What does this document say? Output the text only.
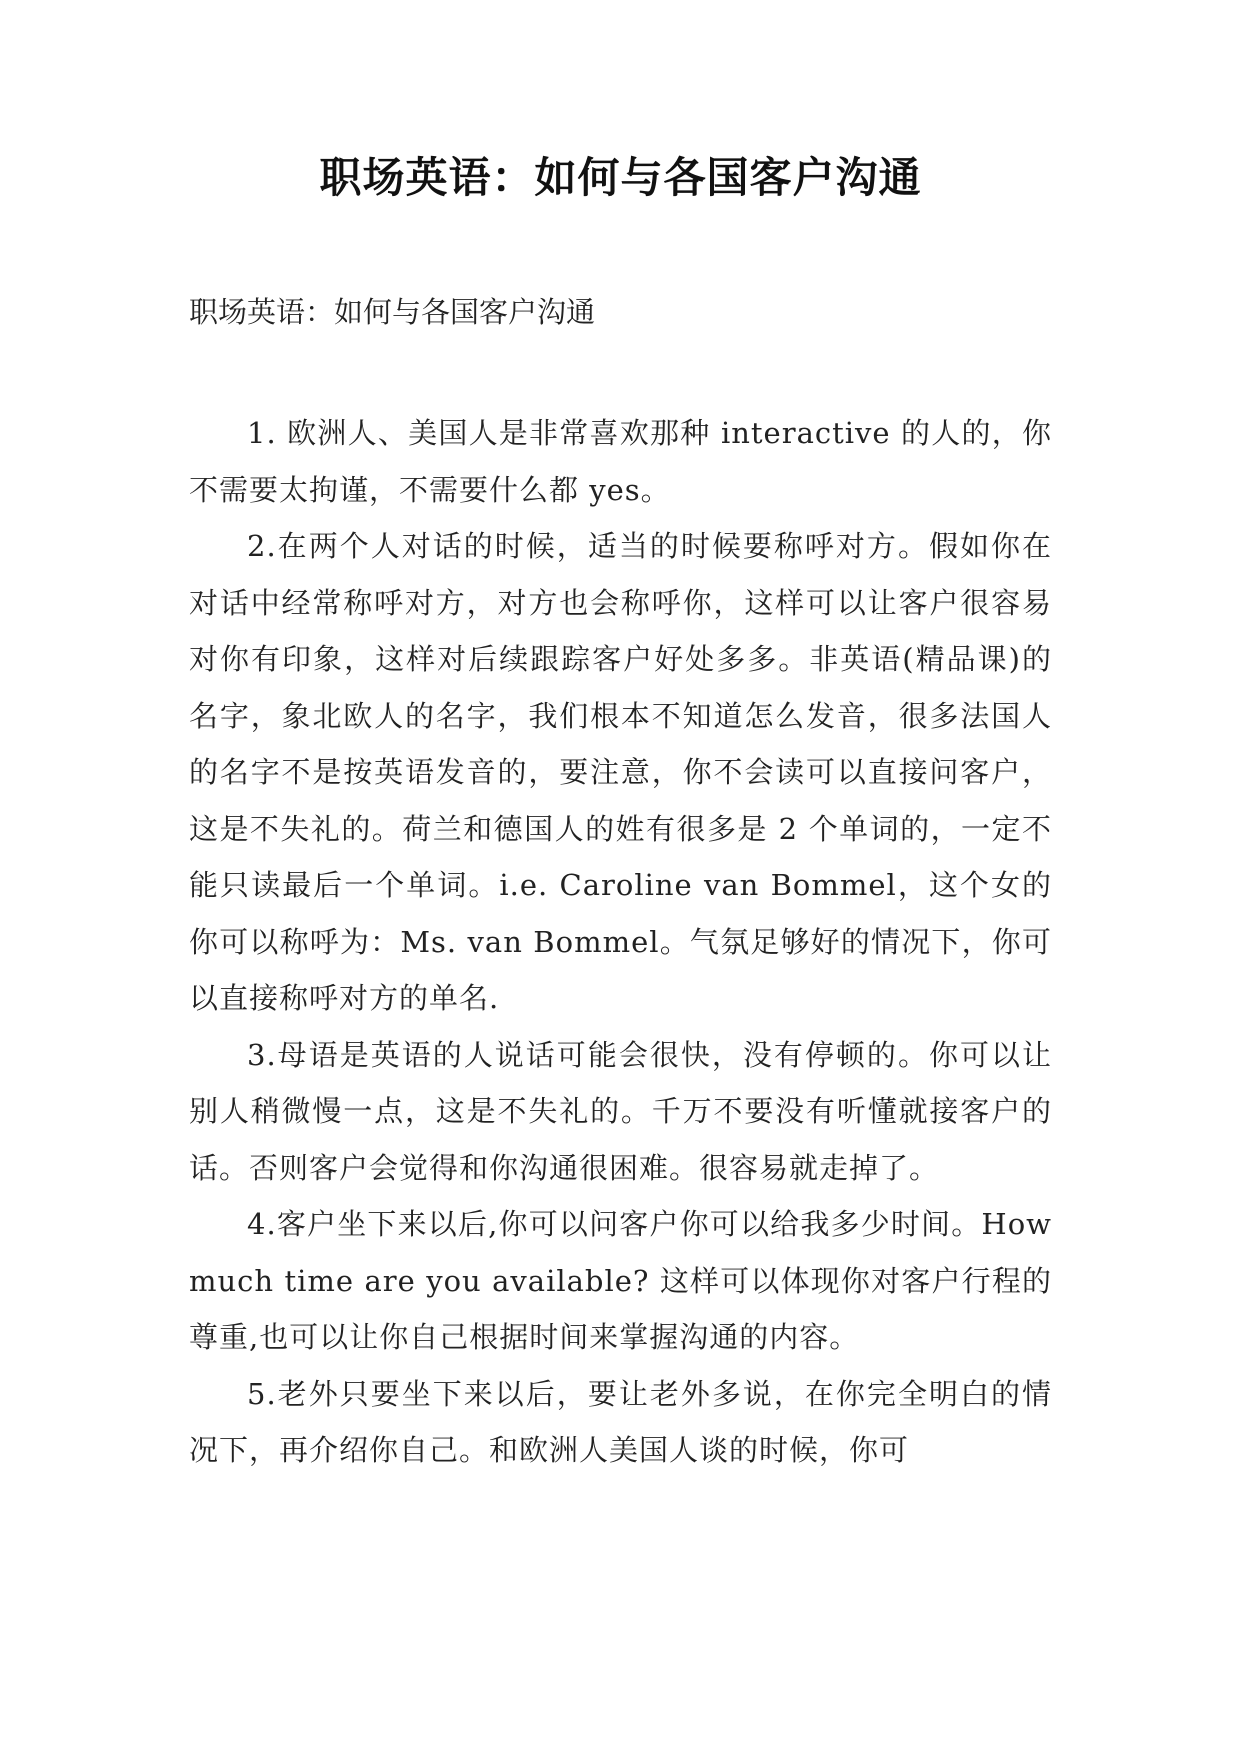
职场英语：如何与各国客户沟通

职场英语：如何与各国客户沟通

1. 欧洲人、美国人是非常喜欢那种 interactive 的人的，你不需要太拘谨，不需要什么都 yes。

2.在两个人对话的时候，适当的时候要称呼对方。假如你在对话中经常称呼对方，对方也会称呼你，这样可以让客户很容易对你有印象，这样对后续跟踪客户好处多多。非英语(精品课)的名字，象北欧人的名字，我们根本不知道怎么发音，很多法国人的名字不是按英语发音的，要注意，你不会读可以直接问客户，这是不失礼的。荷兰和德国人的姓有很多是 2 个单词的，一定不能只读最后一个单词。i.e. Caroline van Bommel，这个女的你可以称呼为：Ms. van Bommel。气氛足够好的情况下，你可以直接称呼对方的单名.

3.母语是英语的人说话可能会很快，没有停顿的。你可以让别人稍微慢一点，这是不失礼的。千万不要没有听懂就接客户的话。否则客户会觉得和你沟通很困难。很容易就走掉了。

4.客户坐下来以后,你可以问客户你可以给我多少时间。How much time are you available? 这样可以体现你对客户行程的尊重,也可以让你自己根据时间来掌握沟通的内容。

5.老外只要坐下来以后，要让老外多说，在你完全明白的情况下，再介绍你自己。和欧洲人美国人谈的时候，你可
